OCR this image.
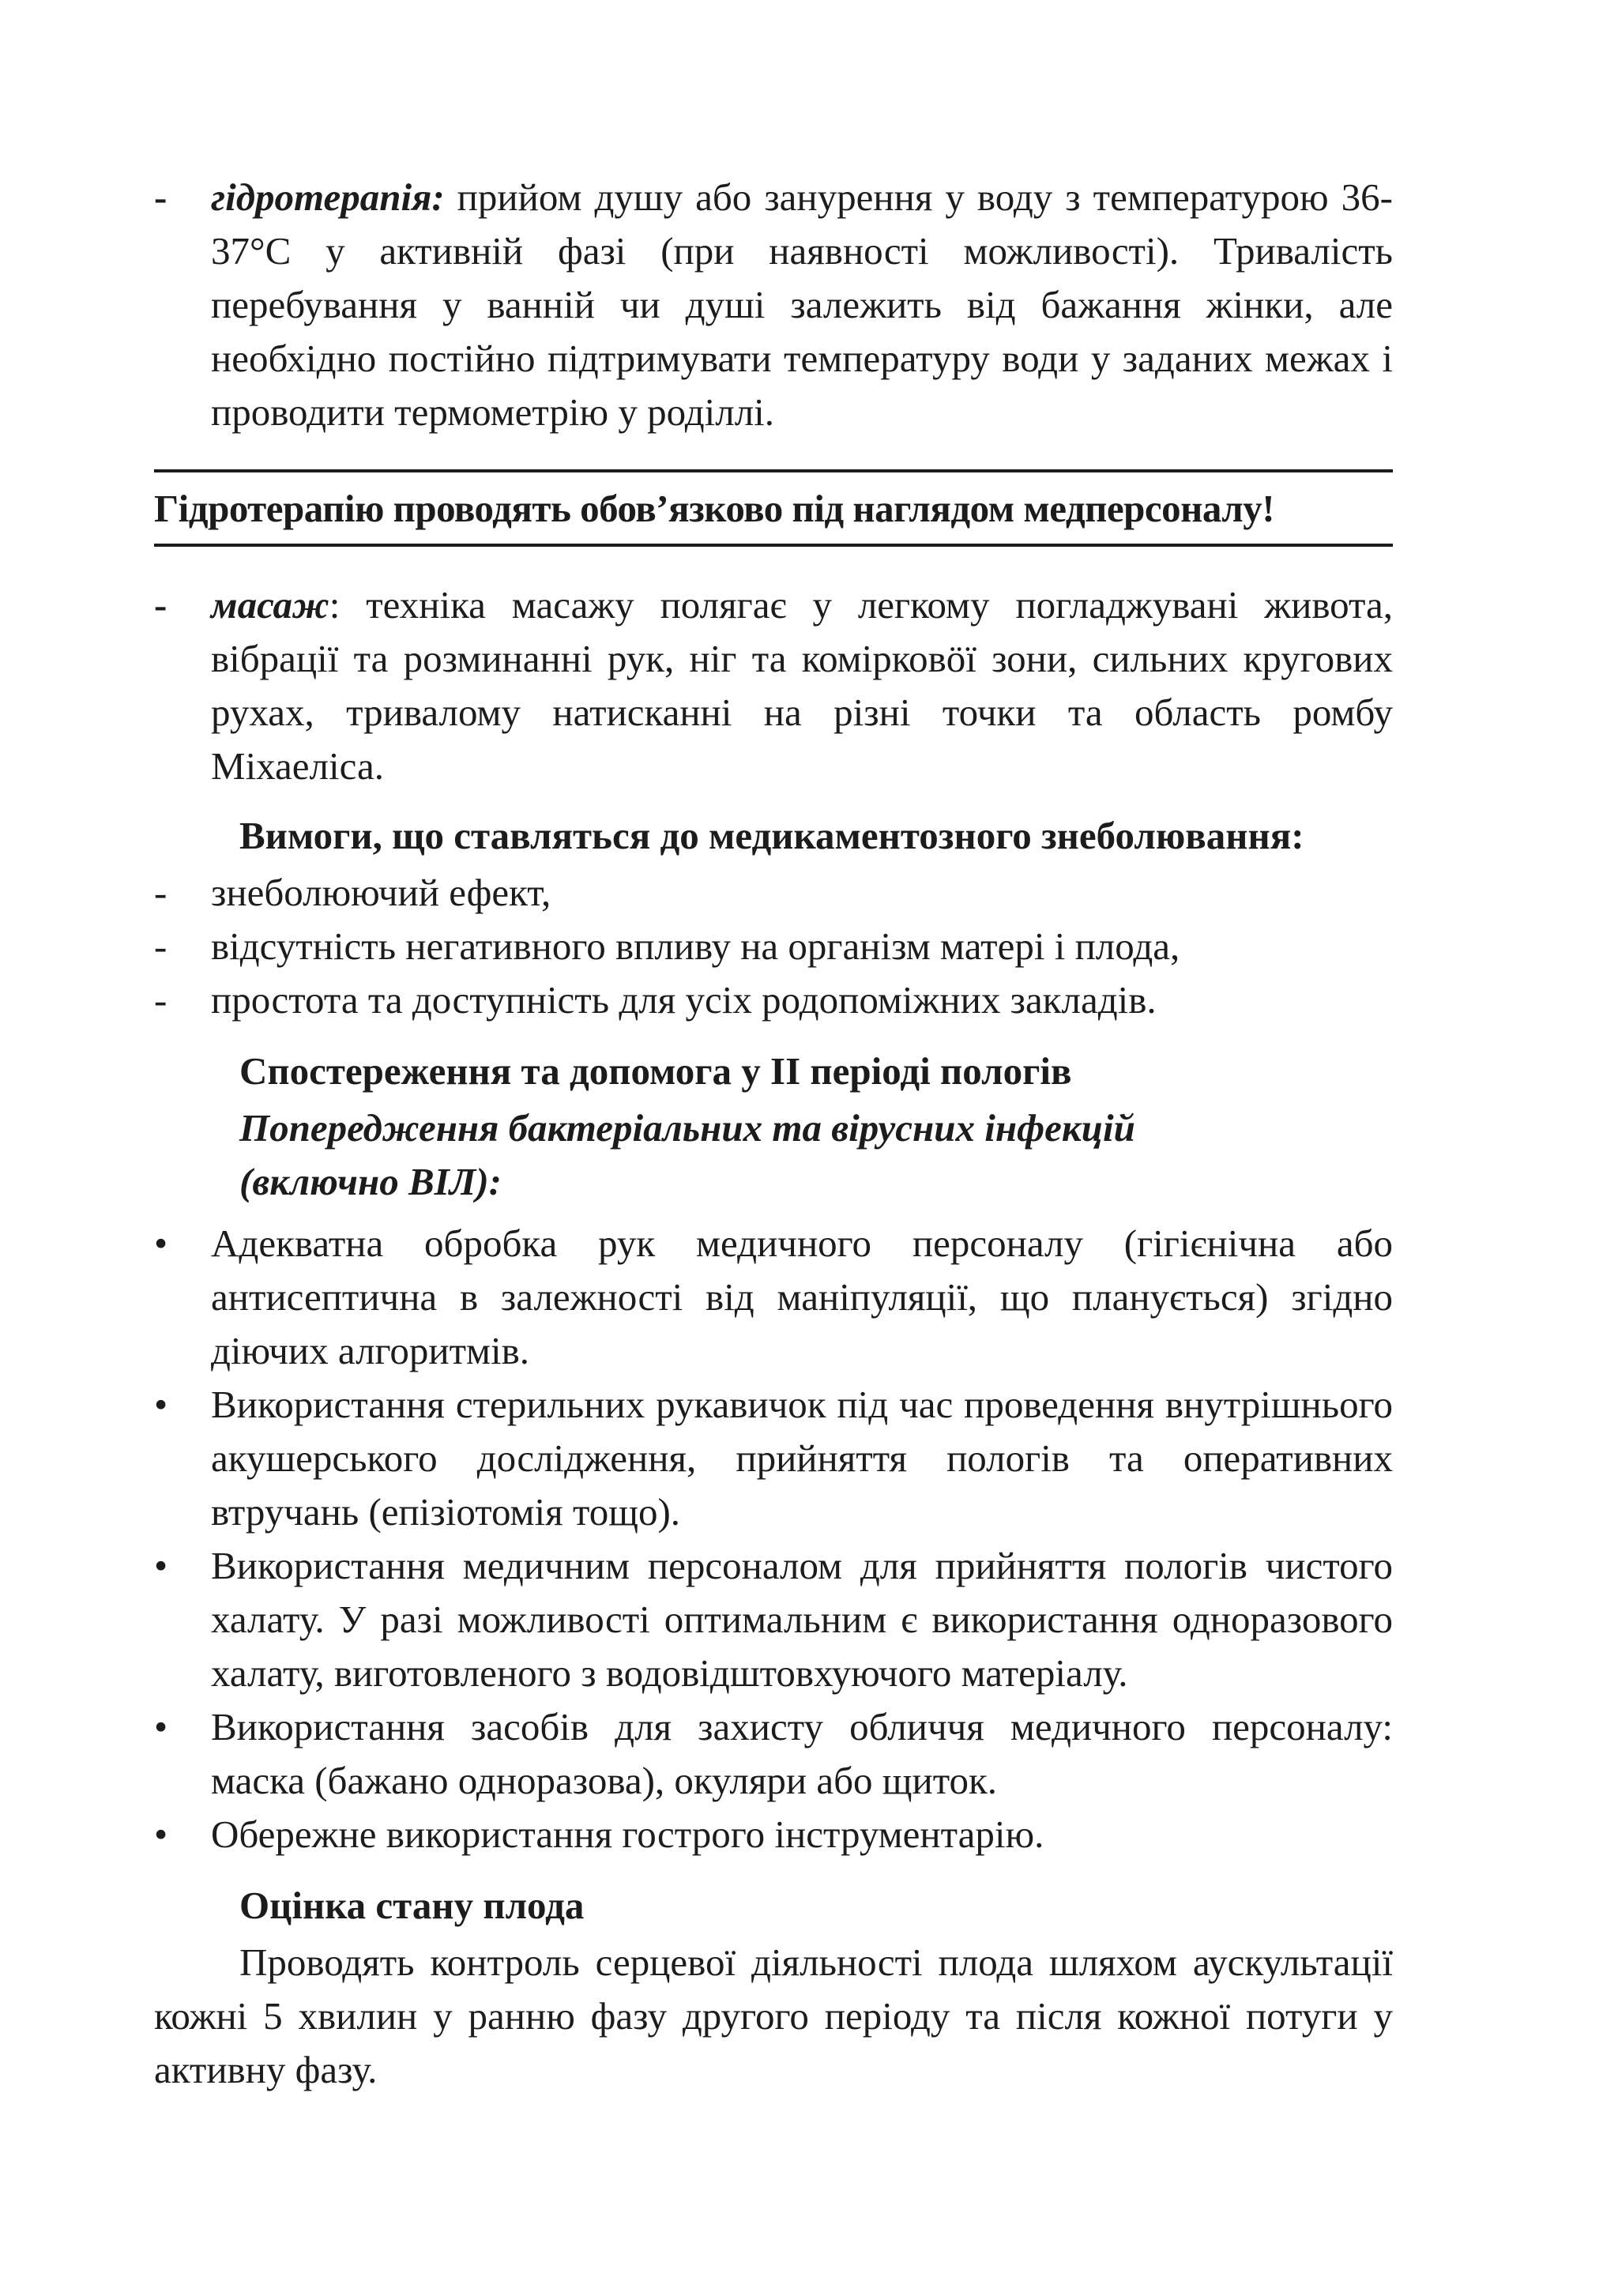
-	гідротерапія: прийом душу або занурення у воду з температурою 36-37°С у активній фазі (при наявності можливості). Тривалість перебування у ванній чи душі залежить від бажання жінки, але необхідно постійно підтримувати температуру води у заданих межах і проводити термометрію у роділлі.
Гідротерапію проводять обов’язково під наглядом медперсоналу!
-	масаж: техніка масажу полягає у легкому погладжувані живота, вібрації та розминанні рук, ніг та комірковӧї зони, сильних кругових рухах, тривалому натисканні на різні точки та область ромбу Міхаеліса.
Вимоги, що ставляться до медикаментозного знеболювання:
-	знеболюючий ефект,
-	відсутність негативного впливу на організм матері і плода,
-	простота та доступність для усіх родопоміжних закладів.
Спостереження та допомога у ІІ періоді пологів
Попередження бактеріальних та вірусних інфекцій
(включно ВІЛ):
•	Адекватна обробка рук медичного персоналу (гігієнічна або антисептична в залежності від маніпуляції, що планується) згідно діючих алгоритмів.
•	Використання стерильних рукавичок під час проведення внутрішнього акушерського дослідження, прийняття пологів та оперативних втручань (епізіотомія тощо).
•	Використання медичним персоналом для прийняття пологів чистого халату. У разі можливості оптимальним є використання одноразового халату, виготовленого з водовідштовхуючого матеріалу.
•	Використання засобів для захисту обличчя медичного персоналу: маска (бажано одноразова), окуляри або щиток.
•	Обережне використання гострого інструментарію.
Оцінка стану плода
Проводять контроль серцевої діяльності плода шляхом аускультації кожні 5 хвилин у ранню фазу другого періоду та після кожної потуги у активну фазу.
